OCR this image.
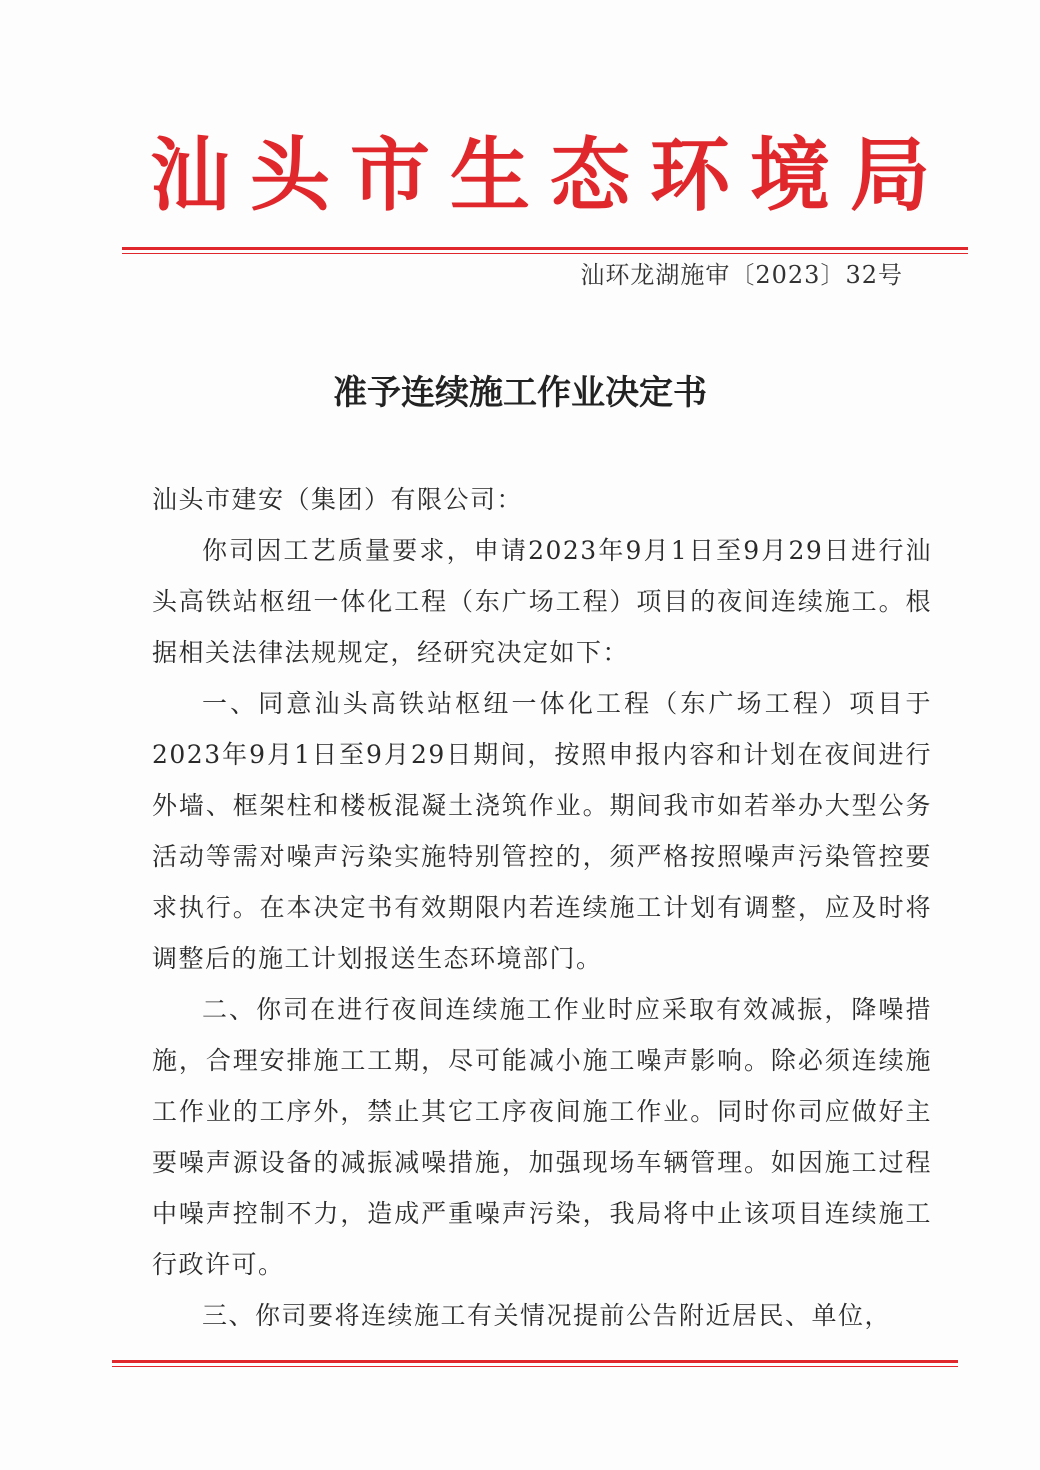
汕头市生态环境局
汕环龙湖施审〔2023〕32号
准予连续施工作业决定书

汕头市建安（集团）有限公司：

你司因工艺质量要求，申请2023年9月1日至9月29日进行汕头高铁站枢纽一体化工程（东广场工程）项目的夜间连续施工。根据相关法律法规规定，经研究决定如下：

一、同意汕头高铁站枢纽一体化工程（东广场工程）项目于2023年9月1日至9月29日期间，按照申报内容和计划在夜间进行外墙、框架柱和楼板混凝土浇筑作业。期间我市如若举办大型公务活动等需对噪声污染实施特别管控的，须严格按照噪声污染管控要求执行。在本决定书有效期限内若连续施工计划有调整，应及时将调整后的施工计划报送生态环境部门。

二、你司在进行夜间连续施工作业时应采取有效减振，降噪措施，合理安排施工工期，尽可能减小施工噪声影响。除必须连续施工作业的工序外，禁止其它工序夜间施工作业。同时你司应做好主要噪声源设备的减振减噪措施，加强现场车辆管理。如因施工过程中噪声控制不力，造成严重噪声污染，我局将中止该项目连续施工行政许可。

三、你司要将连续施工有关情况提前公告附近居民、单位，
